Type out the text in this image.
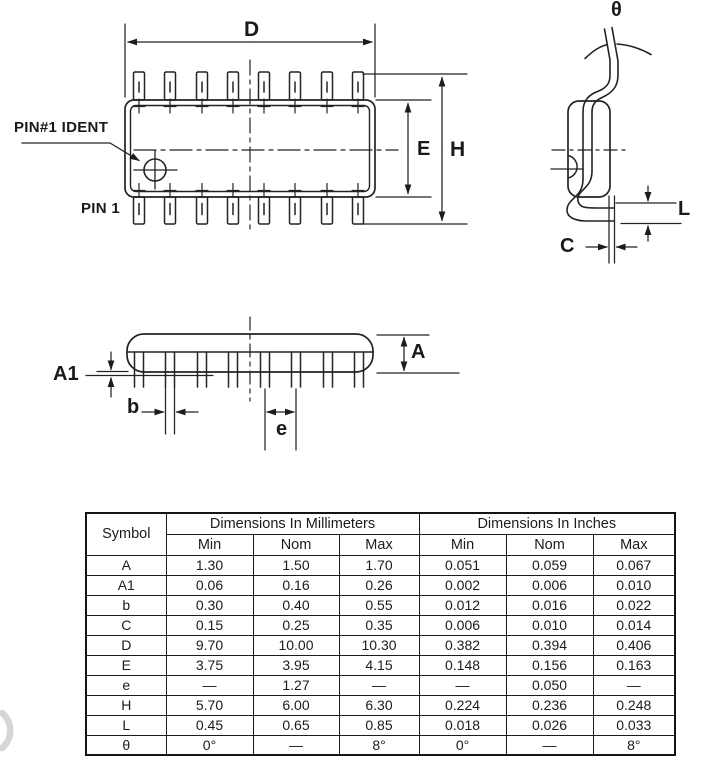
D
E H
PIN#1 IDENT
PIN 1
θ
L
C
A
A1
b
e
Symbol	Dimensions In Millimeters			Dimensions In Inches		
	Min	Nom	Max	Min	Nom	Max
A	1.30	1.50	1.70	0.051	0.059	0.067
A1	0.06	0.16	0.26	0.002	0.006	0.010
b	0.30	0.40	0.55	0.012	0.016	0.022
C	0.15	0.25	0.35	0.006	0.010	0.014
D	9.70	10.00	10.30	0.382	0.394	0.406
E	3.75	3.95	4.15	0.148	0.156	0.163
e	—	1.27	—	—	0.050	—
H	5.70	6.00	6.30	0.224	0.236	0.248
L	0.45	0.65	0.85	0.018	0.026	0.033
θ	0°	—	8°	0°	—	8°
